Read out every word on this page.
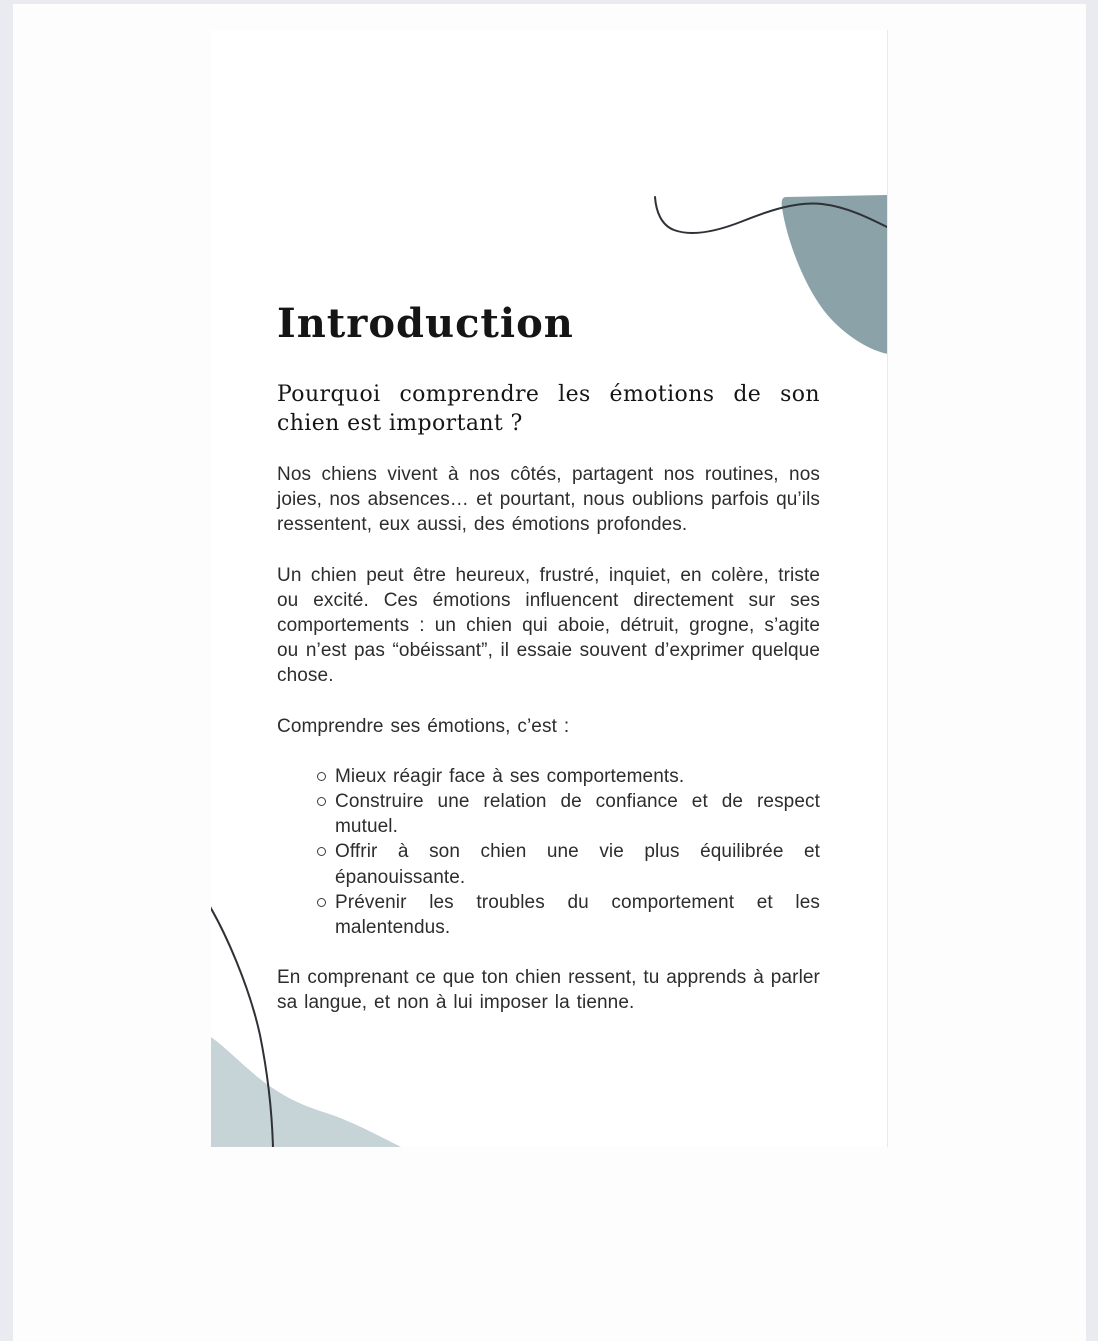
Introduction

Pourquoi comprendre les émotions de son chien est important ?

Nos chiens vivent à nos côtés, partagent nos routines, nos joies, nos absences… et pourtant, nous oublions parfois qu’ils ressentent, eux aussi, des émotions profondes.

Un chien peut être heureux, frustré, inquiet, en colère, triste ou excité. Ces émotions influencent directement sur ses comportements : un chien qui aboie, détruit, grogne, s’agite ou n’est pas “obéissant”, il essaie souvent d’exprimer quelque chose.

Comprendre ses émotions, c’est :

Mieux réagir face à ses comportements.
Construire une relation de confiance et de respect mutuel.
Offrir à son chien une vie plus équilibrée et épanouissante.
Prévenir les troubles du comportement et les malentendus.

En comprenant ce que ton chien ressent, tu apprends à parler sa langue, et non à lui imposer la tienne.
